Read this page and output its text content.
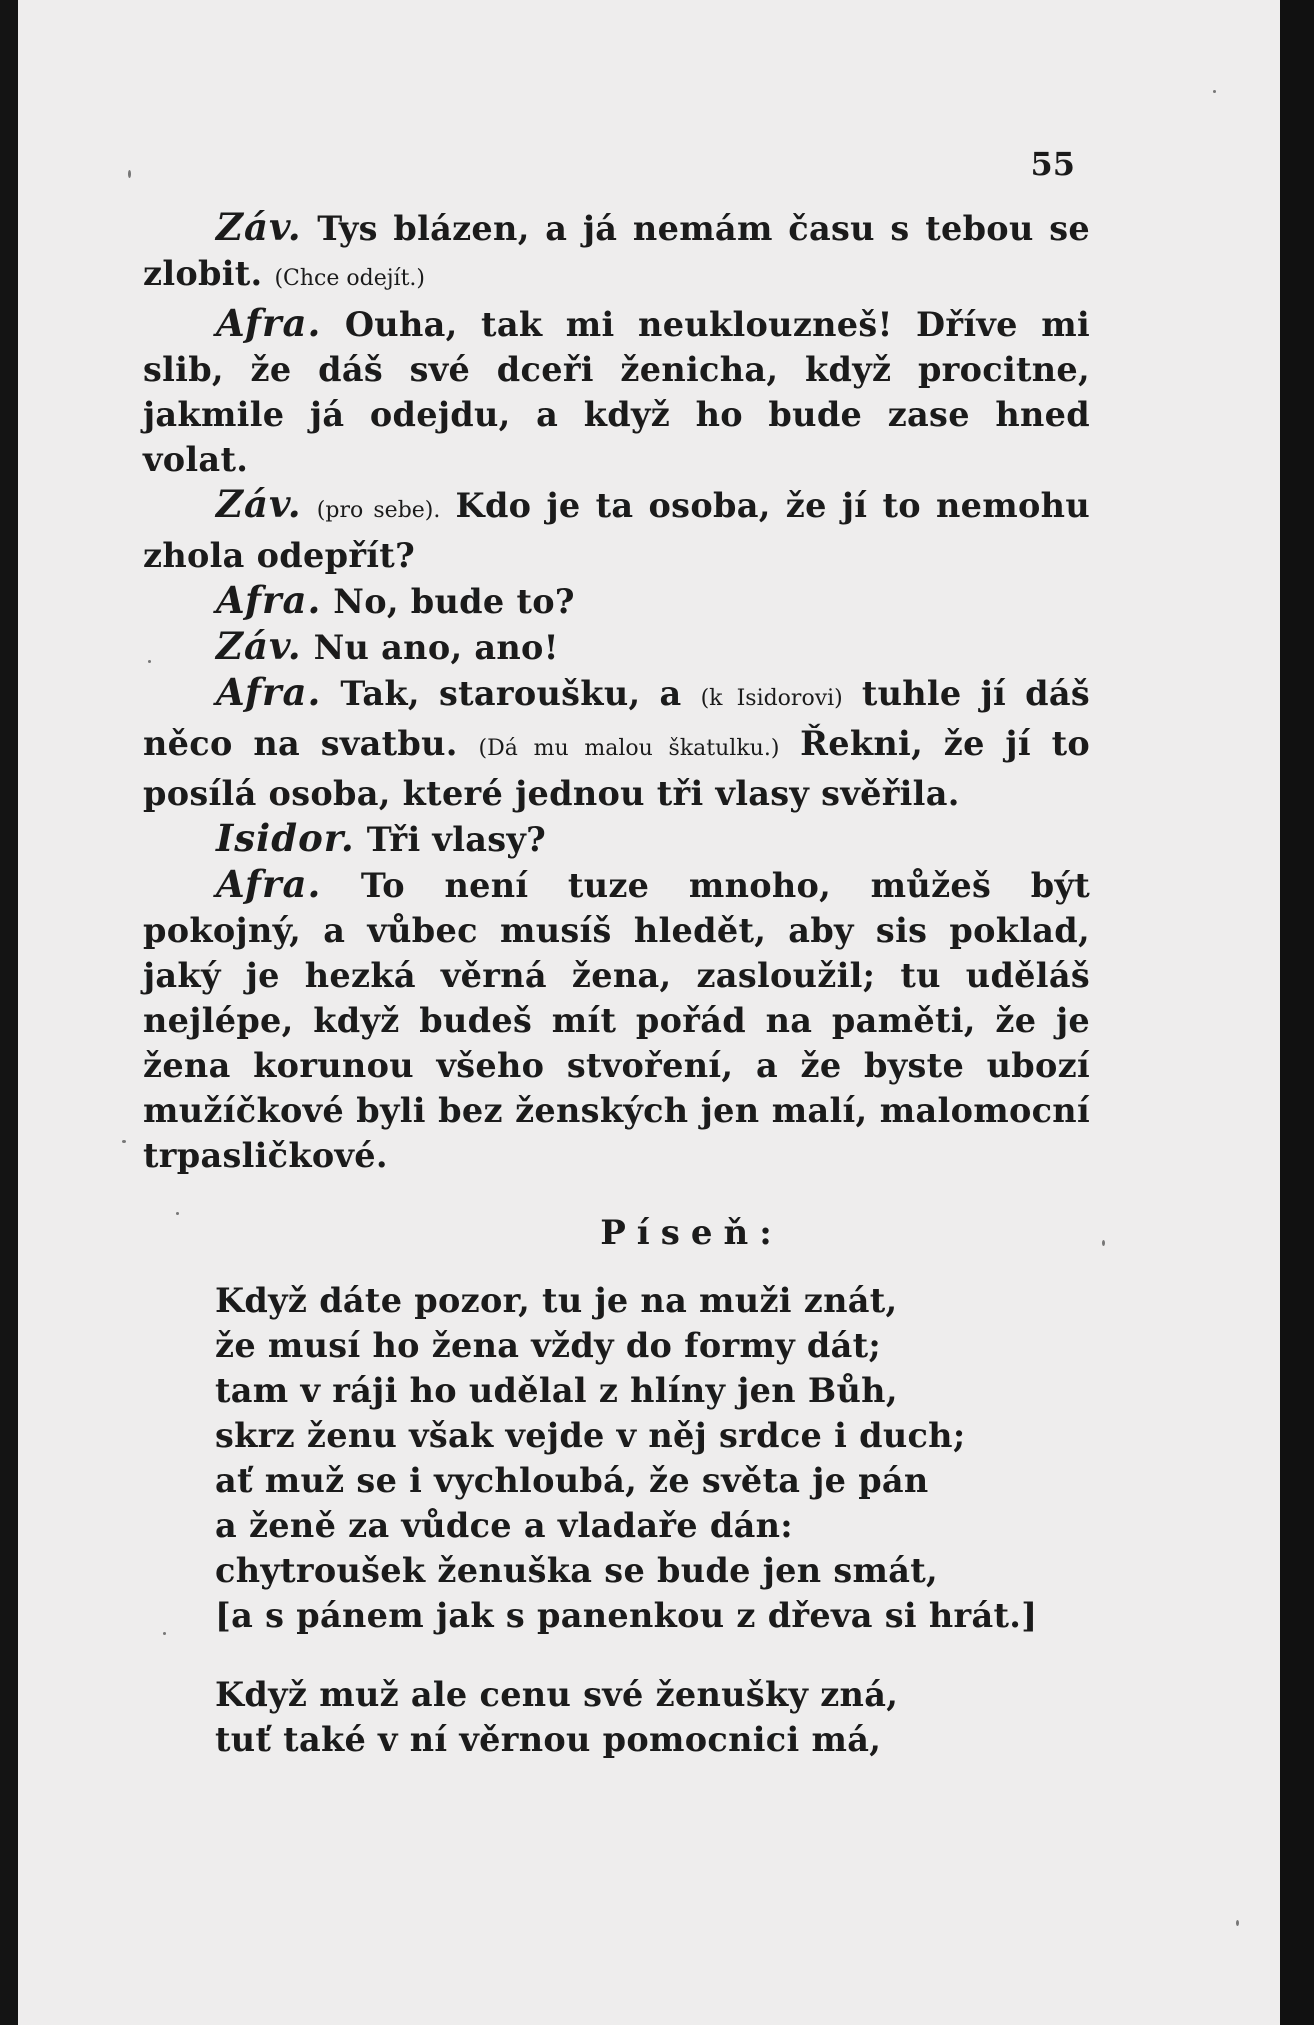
55

Záv. Tys blázen, a já nemám času s tebou se zlobit. (Chce odejít.)

Afra. Ouha, tak mi neuklouzneš! Dříve mi slib, že dáš své dceři ženicha, když procitne, jakmile já odejdu, a když ho bude zase hned volat.

Záv. (pro sebe). Kdo je ta osoba, že jí to nemohu zhola odepřít?

Afra. No, bude to?

Záv. Nu ano, ano!

Afra. Tak, staroušku, a (k Isidorovi) tuhle jí dáš něco na svatbu. (Dá mu malou škatulku.) Řekni, že jí to posílá osoba, které jednou tři vlasy svěřila.

Isidor. Tři vlasy?

Afra. To není tuze mnoho, můžeš být pokojný, a vůbec musíš hledět, aby sis poklad, jaký je hezká věrná žena, zasloužil; tu uděláš nejlépe, když budeš mít pořád na paměti, že je žena korunou všeho stvoření, a že byste ubozí mužíčkové byli bez ženských jen malí, malomocní trpasličkové.

Píseň:
Když dáte pozor, tu je na muži znát,
že musí ho žena vždy do formy dát;
tam v ráji ho udělal z hlíny jen Bůh,
skrz ženu však vejde v něj srdce i duch;
ať muž se i vychloubá, že světa je pán
a ženě za vůdce a vladaře dán:
chytroušek ženuška se bude jen smát,
[a s pánem jak s panenkou z dřeva si hrát.]
Když muž ale cenu své ženušky zná,
tuť také v ní věrnou pomocnici má,
